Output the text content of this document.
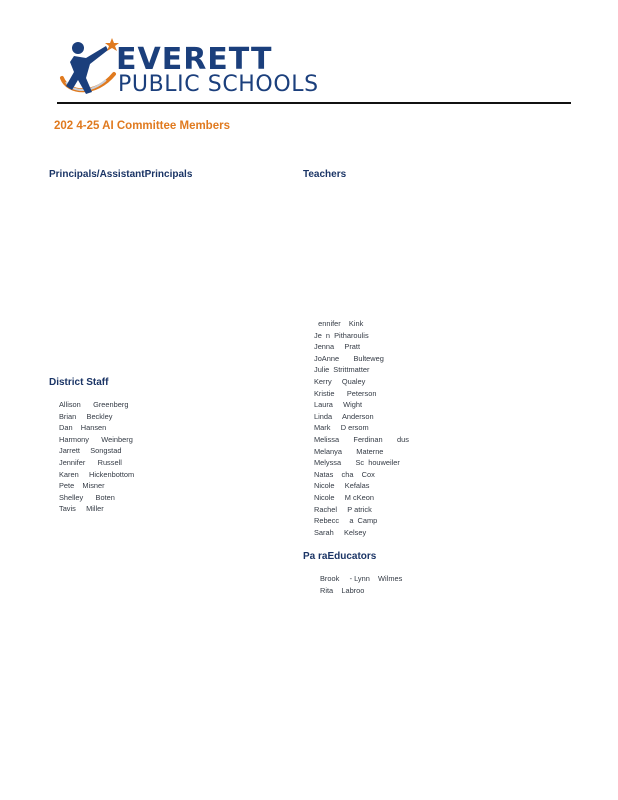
EVERETT
PUBLIC SCHOOLS
202 4-25 AI Committee Members
Principals/AssistantPrincipals	Teachers
ennifer    Kink
Je  n  Pitharoulis
Jenna     Pratt
JoAnne       Bulteweg
Julie  Strittmatter
Kerry     Qualey
Kristie      Peterson
Laura     Wight
Linda     Anderson
Mark     D ersom
Melissa       Ferdinan       dus
Melanya       Materne
Melyssa       Sc  houweiler
Natas    cha    Cox
Nicole     Kefalas
Nicole     M cKeon
Rachel     P atrick
Rebecc     a  Camp
Sarah     Kelsey
District Staff
Allison      Greenberg
Brian     Beckley
Dan    Hansen
Harmony      Weinberg
Jarrett     Songstad
Jennifer      Russell
Karen     Hickenbottom
Pete    Misner
Shelley      Boten
Tavis     Miller
Pa raEducators
Brook     - Lynn    Wilmes
Rita    Labroo
